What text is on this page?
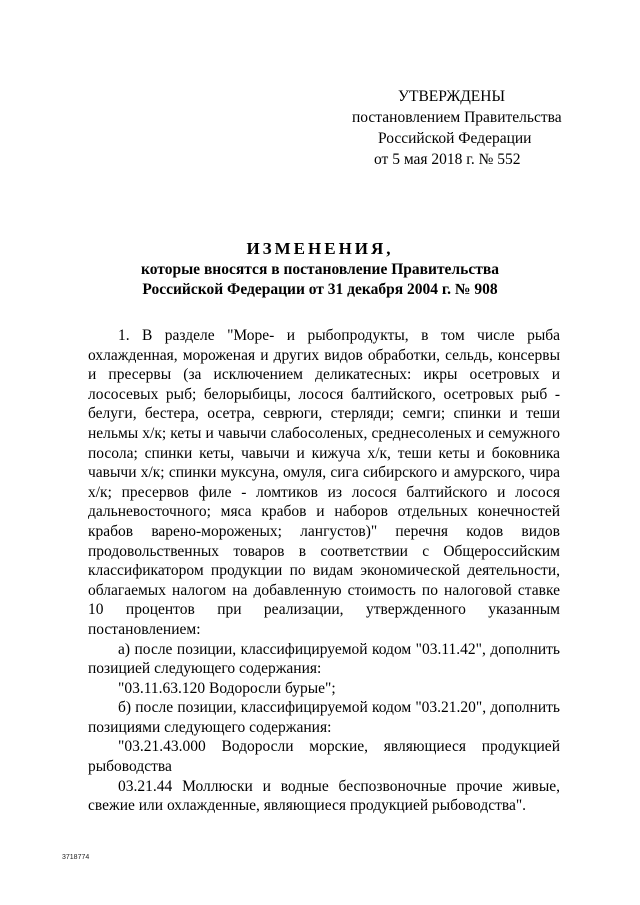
УТВЕРЖДЕНЫ
постановлением Правительства
Российской Федерации
от 5 мая 2018 г. № 552
ИЗМЕНЕНИЯ,
которые вносятся в постановление Правительства
Российской Федерации от 31 декабря 2004 г. № 908

1. В разделе "Море- и рыбопродукты, в том числе рыба охлажденная, мороженая и других видов обработки, сельдь, консервы и пресервы (за исключением деликатесных: икры осетровых и лососевых рыб; белорыбицы, лосося балтийского, осетровых рыб - белуги, бестера, осетра, севрюги, стерляди; семги; спинки и теши нельмы х/к; кеты и чавычи слабосоленых, среднесоленых и семужного посола; спинки кеты, чавычи и кижуча х/к, теши кеты и боковника чавычи х/к; спинки муксуна, омуля, сига сибирского и амурского, чира х/к; пресервов филе - ломтиков из лосося балтийского и лосося дальневосточного; мяса крабов и наборов отдельных конечностей крабов варено-мороженых; лангустов)" перечня кодов видов продовольственных товаров в соответствии с Общероссийским классификатором продукции по видам экономической деятельности, облагаемых налогом на добавленную стоимость по налоговой ставке 10 процентов при реализации, утвержденного указанным постановлением:

а) после позиции, классифицируемой кодом "03.11.42", дополнить позицией следующего содержания:

"03.11.63.120 Водоросли бурые";

б) после позиции, классифицируемой кодом "03.21.20", дополнить позициями следующего содержания:

"03.21.43.000 Водоросли морские, являющиеся продукцией рыбоводства

03.21.44 Моллюски и водные беспозвоночные прочие живые, свежие или охлажденные, являющиеся продукцией рыбоводства".

3718774
